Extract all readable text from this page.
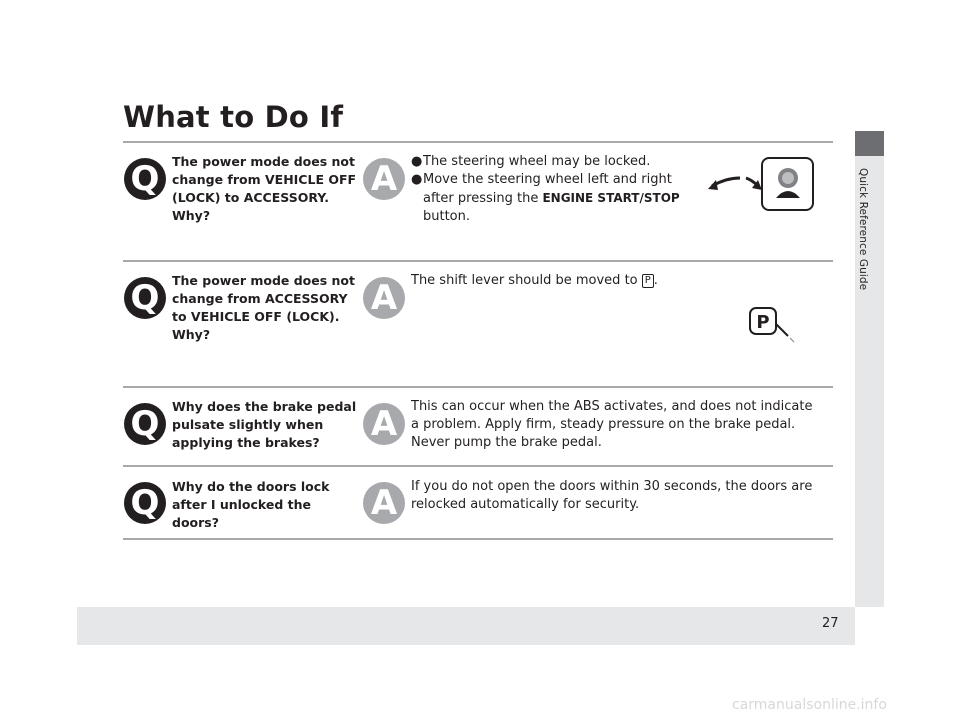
27
Quick Reference Guide
What to Do If
Q	The power mode does not change from VEHICLE OFF (LOCK) to ACCESSORY. Why?

A	● The steering wheel may be locked.
● Move the steering wheel left and right after pressing the ENGINE START/STOP button.
Q	The power mode does not change from ACCESSORY to VEHICLE OFF (LOCK). Why?

A	The shift lever should be moved to P .

P
Q	Why does the brake pedal pulsate slightly when applying the brakes?	A	This can occur when the ABS activates, and does not indicate a problem. Apply firm, steady pressure on the brake pedal. Never pump the brake pedal.

Q	Why do the doors lock after I unlocked the doors?	A	If you do not open the doors within 30 seconds, the doors are relocked automatically for security.

carmanualsonline.info
